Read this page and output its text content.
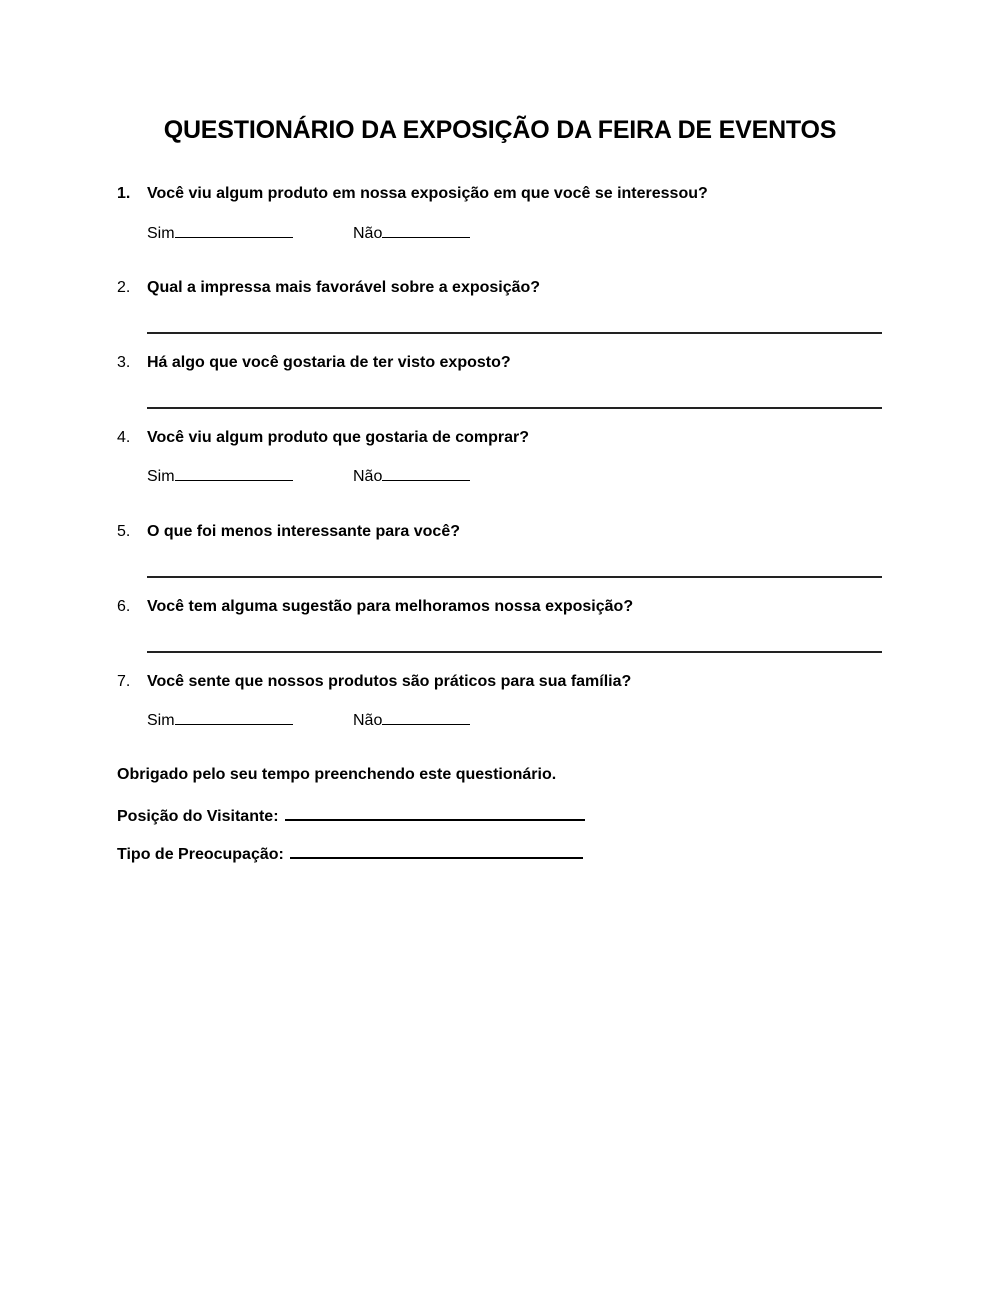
QUESTIONÁRIO DA EXPOSIÇÃO DA FEIRA DE EVENTOS
1. Você viu algum produto em nossa exposição em que você se interessou?
Sim	Não
2. Qual a impressa mais favorável sobre a exposição?
3. Há algo que você gostaria de ter visto exposto?
4. Você viu algum produto que gostaria de comprar?
Sim	Não
5. O que foi menos interessante para você?
6. Você tem alguma sugestão para melhoramos nossa exposição?
7. Você sente que nossos produtos são práticos para sua família?
Sim	Não
Obrigado pelo seu tempo preenchendo este questionário.
Posição do Visitante:
Tipo de Preocupação:
